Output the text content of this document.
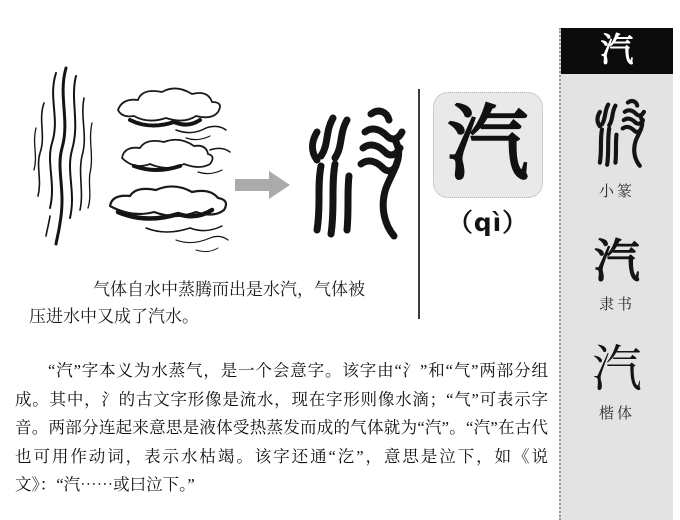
汽
（qì）
气体自水中蒸腾而出是水汽，气体被压进水中又成了汽水。
“汽”字本义为水蒸气，是一个会意字。该字由“氵”和“气”两部分组成。其中，氵的古文字形像是流水，现在字形则像水滴；“气”可表示字音。两部分连起来意思是液体受热蒸发而成的气体就为“汽”。“汽”在古代也可用作动词，表示水枯竭。该字还通“汔”，意思是泣下，如《说文》：“汽⋯⋯或曰泣下。”
汽
小篆
汽
隶书
汽
楷体
